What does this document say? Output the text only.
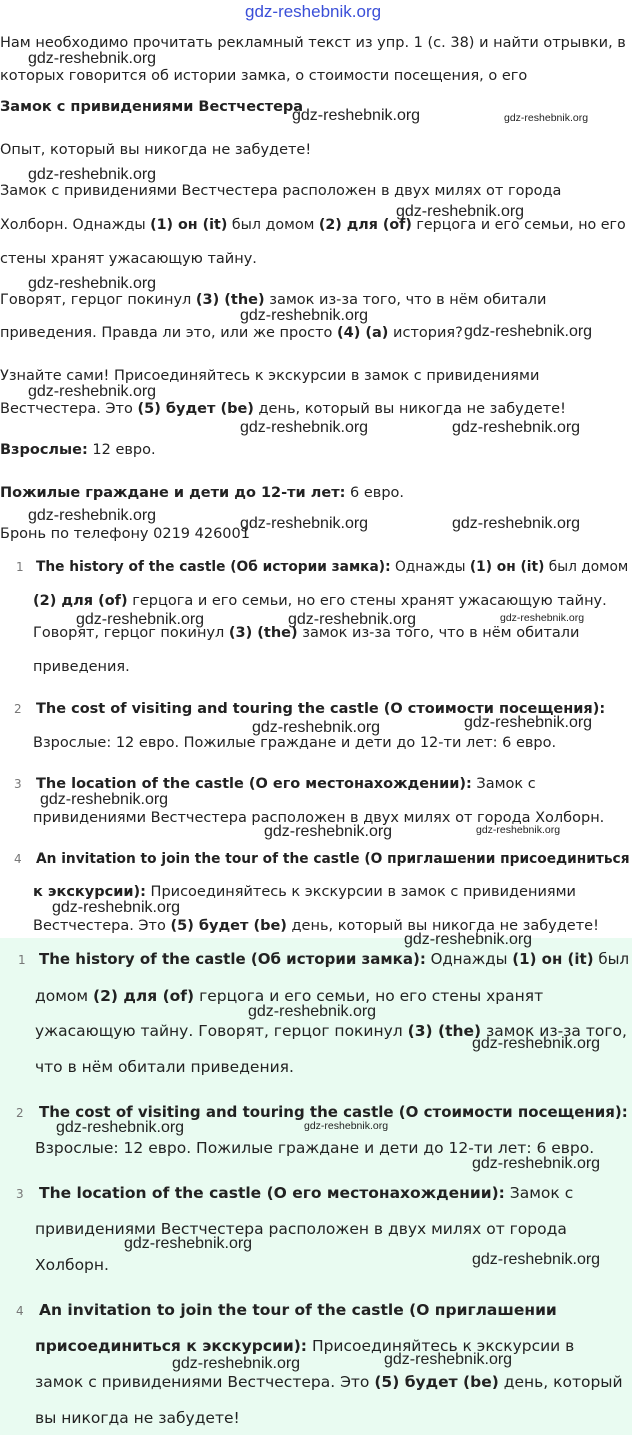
gdz-reshebnik.org
Нам необходимо прочитать рекламный текст из упр. 1 (с. 38) и найти отрывки, в
которых говорится об истории замка, о стоимости посещения, о его
Замок с привидениями Вестчестера
Опыт, который вы никогда не забудете!
Замок с привидениями Вестчестера расположен в двух милях от города
Холборн. Однажды (1) он (it) был домом (2) для (of) герцога и его семьи, но его
стены хранят ужасающую тайну.
Говорят, герцог покинул (3) (the) замок из-за того, что в нём обитали
приведения. Правда ли это, или же просто (4) (a) история?
Узнайте сами! Присоединяйтесь к экскурсии в замок с привидениями
Вестчестера. Это (5) будет (be) день, который вы никогда не забудете!
Взрослые: 12 евро.
Пожилые граждане и дети до 12-ти лет: 6 евро.
Бронь по телефону 0219 426001
1 The history of the castle (Об истории замка): Однажды (1) он (it) был домом
(2) для (of) герцога и его семьи, но его стены хранят ужасающую тайну.
Говорят, герцог покинул (3) (the) замок из-за того, что в нём обитали
приведения.
2 The cost of visiting and touring the castle (О стоимости посещения):
Взрослые: 12 евро. Пожилые граждане и дети до 12-ти лет: 6 евро.
3 The location of the castle (О его местонахождении): Замок с
привидениями Вестчестера расположен в двух милях от города Холборн.
4 An invitation to join the tour of the castle (О приглашении присоединиться
к экскурсии): Присоединяйтесь к экскурсии в замок с привидениями
Вестчестера. Это (5) будет (be) день, который вы никогда не забудете!
1 The history of the castle (Об истории замка): Однажды (1) он (it) был
домом (2) для (of) герцога и его семьи, но его стены хранят
ужасающую тайну. Говорят, герцог покинул (3) (the) замок из-за того,
что в нём обитали приведения.
2 The cost of visiting and touring the castle (О стоимости посещения):
Взрослые: 12 евро. Пожилые граждане и дети до 12-ти лет: 6 евро.
3 The location of the castle (О его местонахождении): Замок с
привидениями Вестчестера расположен в двух милях от города
Холборн.
4 An invitation to join the tour of the castle (О приглашении
присоединиться к экскурсии): Присоединяйтесь к экскурсии в
замок с привидениями Вестчестера. Это (5) будет (be) день, который
вы никогда не забудете!
gdz-reshebnik.org
gdz-reshebnik.org	gdz-reshebnik.org
gdz-reshebnik.org
gdz-reshebnik.org
gdz-reshebnik.org
gdz-reshebnik.org
gdz-reshebnik.org
gdz-reshebnik.org
gdz-reshebnik.org	gdz-reshebnik.org
gdz-reshebnik.org	gdz-reshebnik.org	gdz-reshebnik.org
gdz-reshebnik.org	gdz-reshebnik.org	gdz-reshebnik.org
gdz-reshebnik.org	gdz-reshebnik.org
gdz-reshebnik.org
gdz-reshebnik.org	gdz-reshebnik.org
gdz-reshebnik.org
gdz-reshebnik.org
gdz-reshebnik.org
gdz-reshebnik.org
gdz-reshebnik.org	gdz-reshebnik.org
gdz-reshebnik.org
gdz-reshebnik.org
gdz-reshebnik.org
gdz-reshebnik.org	gdz-reshebnik.org
